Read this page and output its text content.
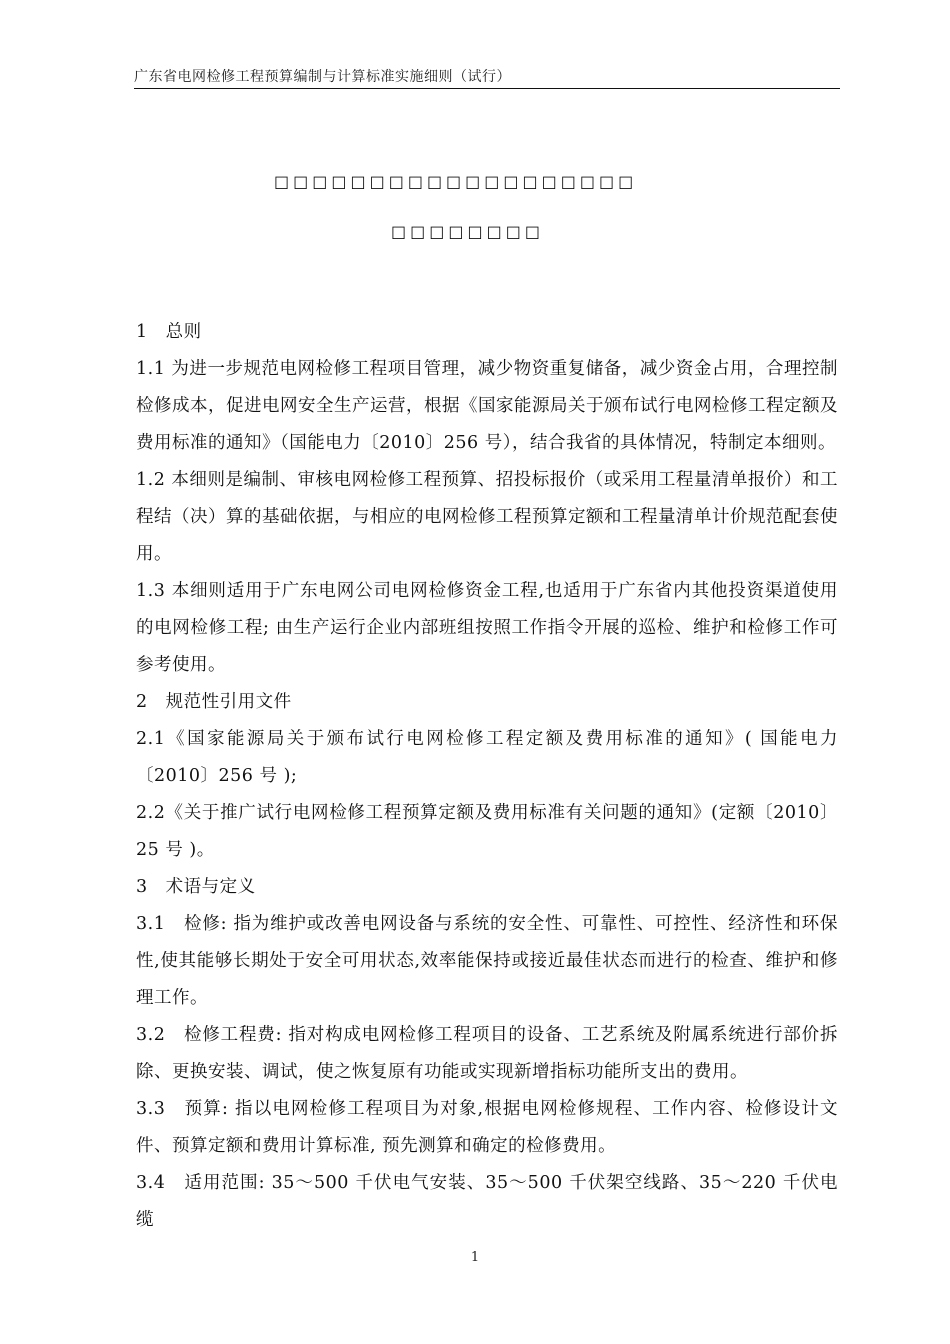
广东省电网检修工程预算编制与计算标准实施细则（试行）
□□□□□□□□□□□□□□□□□□□
□□□□□□□□

1　总则

1.1 为进一步规范电网检修工程项目管理，减少物资重复储备，减少资金占用，合理控制检修成本，促进电网安全生产运营，根据《国家能源局关于颁布试行电网检修工程定额及费用标准的通知》（国能电力〔2010〕256 号），结合我省的具体情况，特制定本细则。

1.2 本细则是编制、审核电网检修工程预算、招投标报价（或采用工程量清单报价）和工程结（决）算的基础依据，与相应的电网检修工程预算定额和工程量清单计价规范配套使用。

1.3 本细则适用于广东电网公司电网检修资金工程,也适用于广东省内其他投资渠道使用的电网检修工程; 由生产运行企业内部班组按照工作指令开展的巡检、维护和检修工作可参考使用。

2　规范性引用文件

2.1《国家能源局关于颁布试行电网检修工程定额及费用标准的通知》( 国能电力〔2010〕256 号 );

2.2《关于推广试行电网检修工程预算定额及费用标准有关问题的通知》(定额〔2010〕25 号 )。

3　术语与定义

3.1　检修: 指为维护或改善电网设备与系统的安全性、可靠性、可控性、经济性和环保性,使其能够长期处于安全可用状态,效率能保持或接近最佳状态而进行的检查、维护和修理工作。

3.2　检修工程费: 指对构成电网检修工程项目的设备、工艺系统及附属系统进行部价拆除、更换安装、调试，使之恢复原有功能或实现新增指标功能所支出的费用。

3.3　预算: 指以电网检修工程项目为对象,根据电网检修规程、工作内容、检修设计文件、预算定额和费用计算标准, 预先测算和确定的检修费用。

3.4　适用范围: 35～500 千伏电气安装、35～500 千伏架空线路、35～220 千伏电缆

1
